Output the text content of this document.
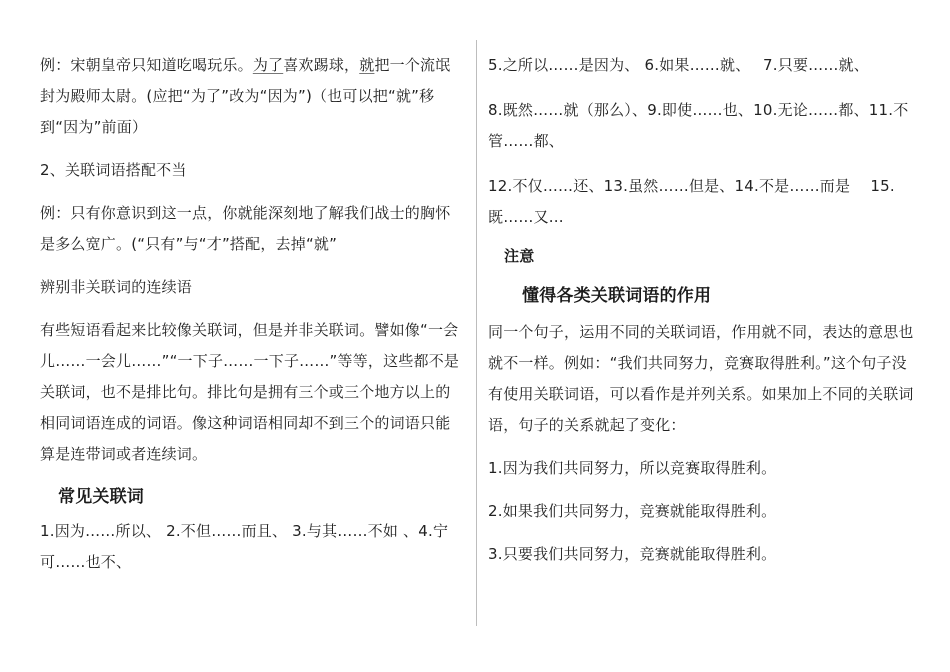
例：宋朝皇帝只知道吃喝玩乐。为了喜欢踢球，就把一个流氓封为殿师太尉。(应把“为了”改为“因为”)（也可以把“就”移到“因为”前面）

2、关联词语搭配不当

例：只有你意识到这一点，你就能深刻地了解我们战士的胸怀是多么宽广。(“只有”与“才”搭配，去掉“就”

辨别非关联词的连续语

有些短语看起来比较像关联词，但是并非关联词。譬如像“一会儿……一会儿……”“一下子……一下子……”等等，这些都不是关联词，也不是排比句。排比句是拥有三个或三个地方以上的相同词语连成的词语。像这种词语相同却不到三个的词语只能算是连带词或者连续词。

常见关联词

1.因为……所以、 2.不但……而且、 3.与其……不如 、4.宁可……也不、

5.之所以……是因为、 6.如果……就、　 7.只要……就、

8.既然……就（那么）、9.即使……也、10.无论……都、11.不管……都、

12.不仅……还、13.虽然……但是、14.不是……而是　 15.既……又...

注意

懂得各类关联词语的作用

同一个句子，运用不同的关联词语，作用就不同，表达的意思也就不一样。例如：“我们共同努力，竞赛取得胜利。”这个句子没有使用关联词语，可以看作是并列关系。如果加上不同的关联词语，句子的关系就起了变化：

1.因为我们共同努力，所以竞赛取得胜利。

2.如果我们共同努力，竞赛就能取得胜利。

3.只要我们共同努力，竞赛就能取得胜利。
